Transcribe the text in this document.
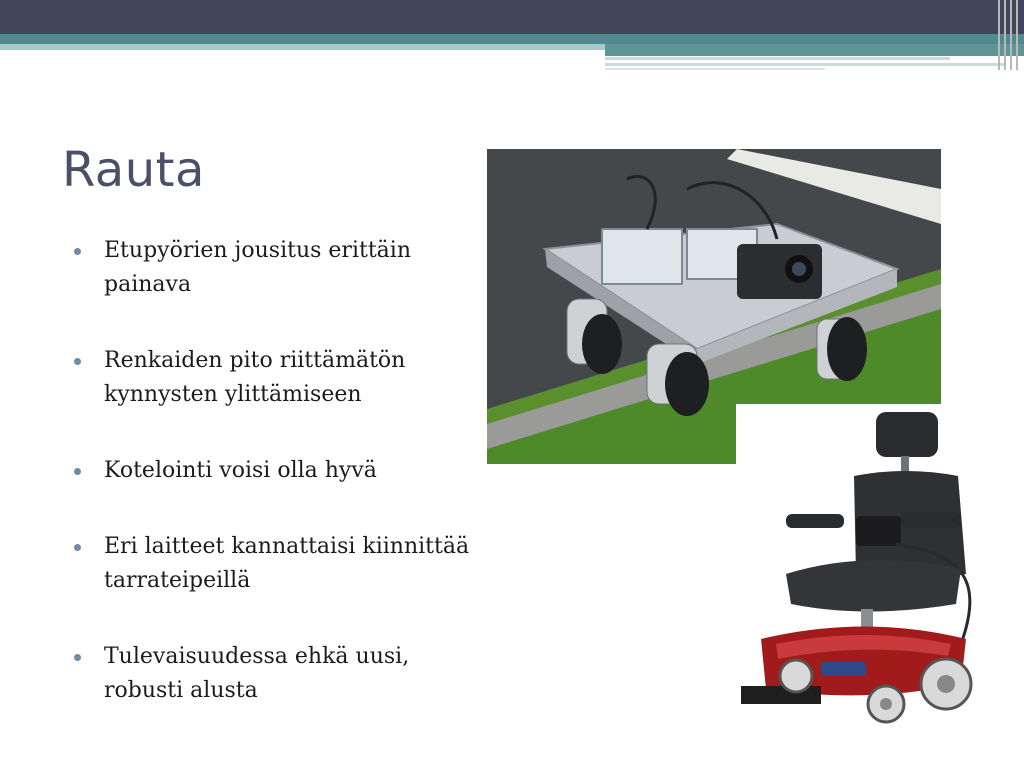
Rauta
Etupyörien jousitus erittäin painava
Renkaiden pito riittämätön kynnysten ylittämiseen
Kotelointi voisi olla hyvä
Eri laitteet kannattaisi kiinnittää tarrateipeillä
Tulevaisuudessa ehkä uusi, robusti alusta
